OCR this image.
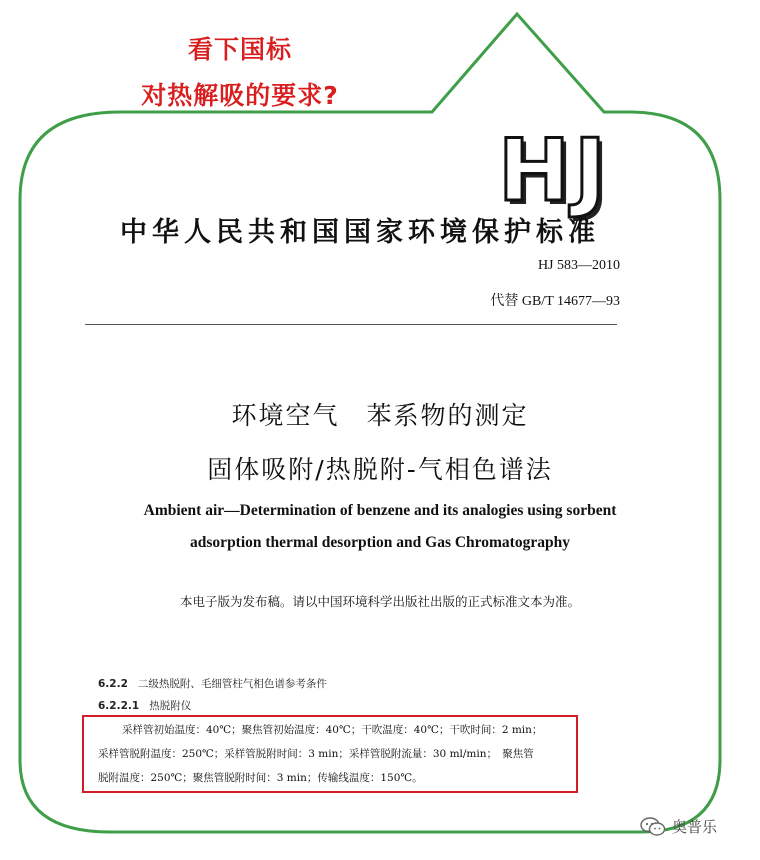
看下国标
对热解吸的要求?
HJ
中华人民共和国国家环境保护标准
HJ 583—2010
代替 GB/T 14677—93
环境空气　苯系物的测定
固体吸附/热脱附-气相色谱法
Ambient air—Determination of benzene and its analogies using sorbent
adsorption thermal desorption and Gas Chromatography
本电子版为发布稿。请以中国环境科学出版社出版的正式标准文本为准。
6.2.2 二级热脱附、毛细管柱气相色谱参考条件
6.2.2.1 热脱附仪
采样管初始温度：40℃；聚焦管初始温度：40℃；干吹温度：40℃；干吹时间：2 min；
采样管脱附温度：250℃；采样管脱附时间：3 min；采样管脱附流量：30 ml/min；　聚焦管
脱附温度：250℃；聚焦管脱附时间：3 min；传输线温度：150℃。
奥普乐
